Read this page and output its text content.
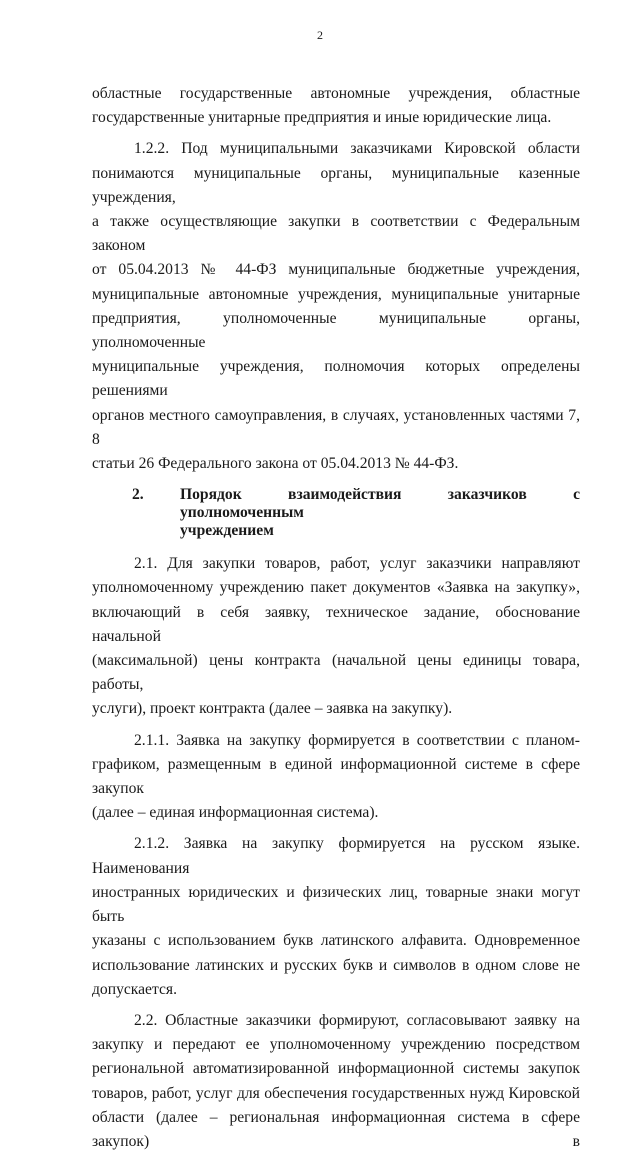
2

областные государственные автономные учреждения, областные

государственные унитарные предприятия и иные юридические лица.

1.2.2. Под муниципальными заказчиками Кировской области

понимаются муниципальные органы, муниципальные казенные учреждения,

а также осуществляющие закупки в соответствии с Федеральным законом

от 05.04.2013 № 44-ФЗ муниципальные бюджетные учреждения,

муниципальные автономные учреждения, муниципальные унитарные

предприятия, уполномоченные муниципальные органы, уполномоченные

муниципальные учреждения, полномочия которых определены решениями

органов местного самоуправления, в случаях, установленных частями 7, 8

статьи 26 Федерального закона от 05.04.2013 № 44-ФЗ.

2.	Порядок взаимодействия заказчиков с уполномоченным
учреждением

2.1. Для закупки товаров, работ, услуг заказчики направляют

уполномоченному учреждению пакет документов «Заявка на закупку»,

включающий в себя заявку, техническое задание, обоснование начальной

(максимальной) цены контракта (начальной цены единицы товара, работы,

услуги), проект контракта (далее – заявка на закупку).

2.1.1. Заявка на закупку формируется в соответствии с планом-

графиком, размещенным в единой информационной системе в сфере закупок

(далее – единая информационная система).

2.1.2. Заявка на закупку формируется на русском языке. Наименования

иностранных юридических и физических лиц, товарные знаки могут быть

указаны с использованием букв латинского алфавита. Одновременное

использование латинских и русских букв и символов в одном слове не

допускается.

2.2. Областные заказчики формируют, согласовывают заявку на

закупку и передают ее уполномоченному учреждению посредством

региональной автоматизированной информационной системы закупок

товаров, работ, услуг для обеспечения государственных нужд Кировской

области (далее – региональная информационная система в сфере закупок) в
